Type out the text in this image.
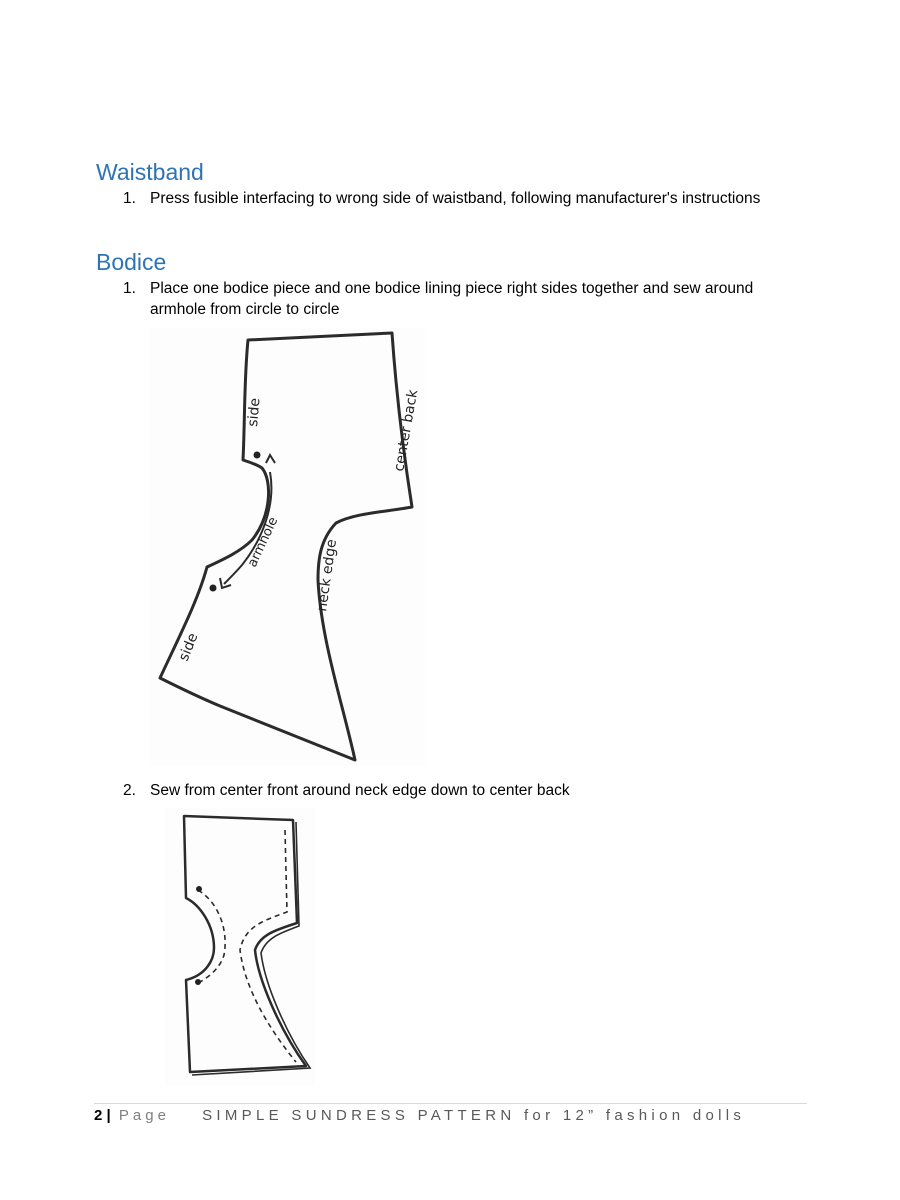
Waistband
1. Press fusible interfacing to wrong side of waistband, following manufacturer's instructions
Bodice
1. Place one bodice piece and one bodice lining piece right sides together and sew around armhole from circle to circle
side	center back
armhole neck edge
side
2. Sew from center front around neck edge down to center back
2 | Page SIMPLE SUNDRESS PATTERN for 12” fashion dolls
